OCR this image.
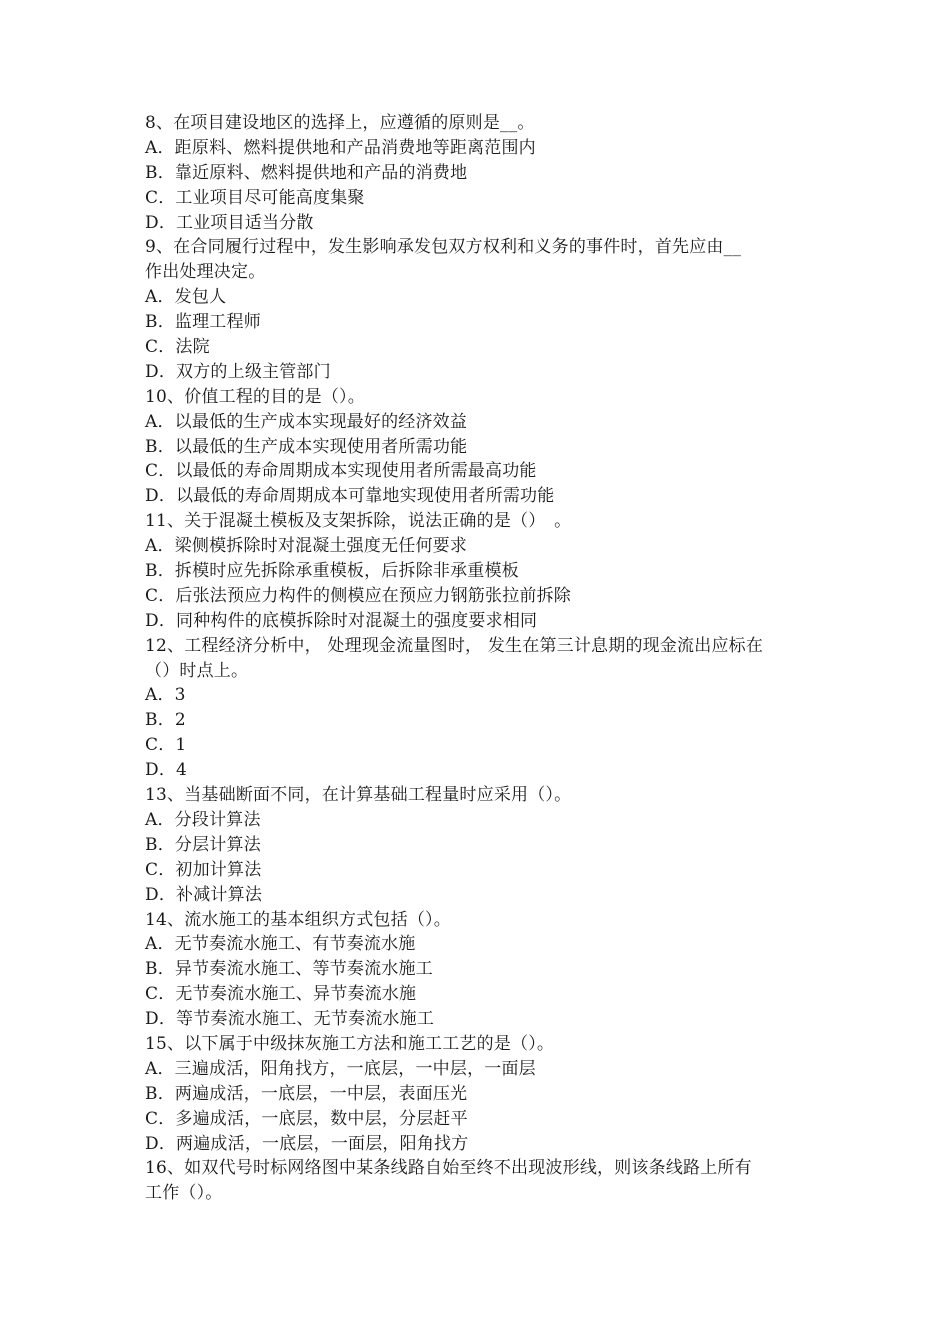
8、在项目建设地区的选择上，应遵循的原则是__。
A．距原料、燃料提供地和产品消费地等距离范围内
B．靠近原料、燃料提供地和产品的消费地
C．工业项目尽可能高度集聚
D．工业项目适当分散
9、在合同履行过程中，发生影响承发包双方权利和义务的事件时，首先应由__
作出处理决定。
A．发包人
B．监理工程师
C．法院
D．双方的上级主管部门
10、价值工程的目的是（）。
A．以最低的生产成本实现最好的经济效益
B．以最低的生产成本实现使用者所需功能
C．以最低的寿命周期成本实现使用者所需最高功能
D．以最低的寿命周期成本可靠地实现使用者所需功能
11、关于混凝土模板及支架拆除，说法正确的是（）　。
A．梁侧模拆除时对混凝土强度无任何要求
B．拆模时应先拆除承重模板，后拆除非承重模板
C．后张法预应力构件的侧模应在预应力钢筋张拉前拆除
D．同种构件的底模拆除时对混凝土的强度要求相同
12、工程经济分析中， 处理现金流量图时， 发生在第三计息期的现金流出应标在
（）时点上。
A．3
B．2
C．1
D．4
13、当基础断面不同，在计算基础工程量时应采用（）。
A．分段计算法
B．分层计算法
C．初加计算法
D．补减计算法
14、流水施工的基本组织方式包括（）。
A．无节奏流水施工、有节奏流水施
B．异节奏流水施工、等节奏流水施工
C．无节奏流水施工、异节奏流水施
D．等节奏流水施工、无节奏流水施工
15、以下属于中级抹灰施工方法和施工工艺的是（）。
A．三遍成活，阳角找方，一底层，一中层，一面层
B．两遍成活，一底层，一中层，表面压光
C．多遍成活，一底层，数中层，分层赶平
D．两遍成活，一底层，一面层，阳角找方
16、如双代号时标网络图中某条线路自始至终不出现波形线，则该条线路上所有
工作（）。
